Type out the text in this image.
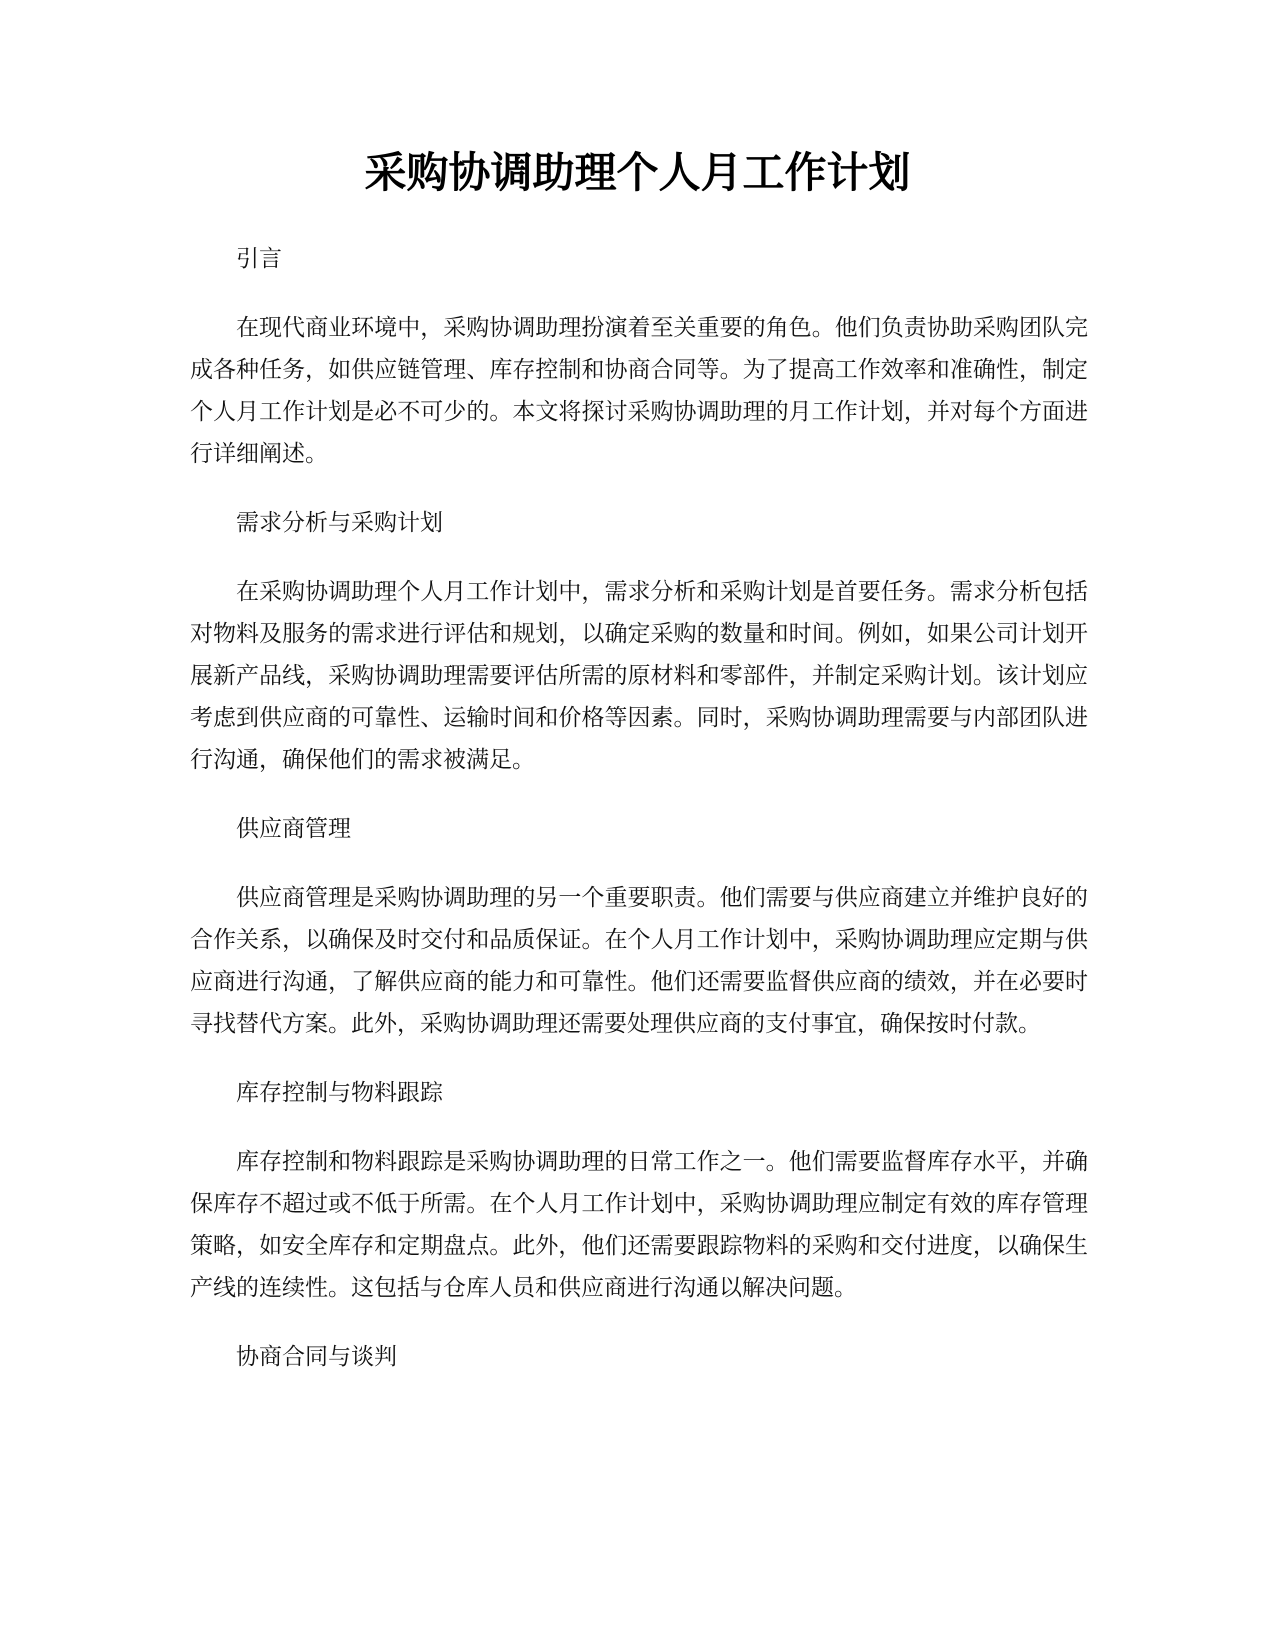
采购协调助理个人月工作计划

引言

在现代商业环境中，采购协调助理扮演着至关重要的角色。他们负责协助采购团队完成各种任务，如供应链管理、库存控制和协商合同等。为了提高工作效率和准确性，制定个人月工作计划是必不可少的。本文将探讨采购协调助理的月工作计划，并对每个方面进行详细阐述。

需求分析与采购计划

在采购协调助理个人月工作计划中，需求分析和采购计划是首要任务。需求分析包括对物料及服务的需求进行评估和规划，以确定采购的数量和时间。例如，如果公司计划开展新产品线，采购协调助理需要评估所需的原材料和零部件，并制定采购计划。该计划应考虑到供应商的可靠性、运输时间和价格等因素。同时，采购协调助理需要与内部团队进行沟通，确保他们的需求被满足。

供应商管理

供应商管理是采购协调助理的另一个重要职责。他们需要与供应商建立并维护良好的合作关系，以确保及时交付和品质保证。在个人月工作计划中，采购协调助理应定期与供应商进行沟通，了解供应商的能力和可靠性。他们还需要监督供应商的绩效，并在必要时寻找替代方案。此外，采购协调助理还需要处理供应商的支付事宜，确保按时付款。

库存控制与物料跟踪

库存控制和物料跟踪是采购协调助理的日常工作之一。他们需要监督库存水平，并确保库存不超过或不低于所需。在个人月工作计划中，采购协调助理应制定有效的库存管理策略，如安全库存和定期盘点。此外，他们还需要跟踪物料的采购和交付进度，以确保生产线的连续性。这包括与仓库人员和供应商进行沟通以解决问题。

协商合同与谈判
